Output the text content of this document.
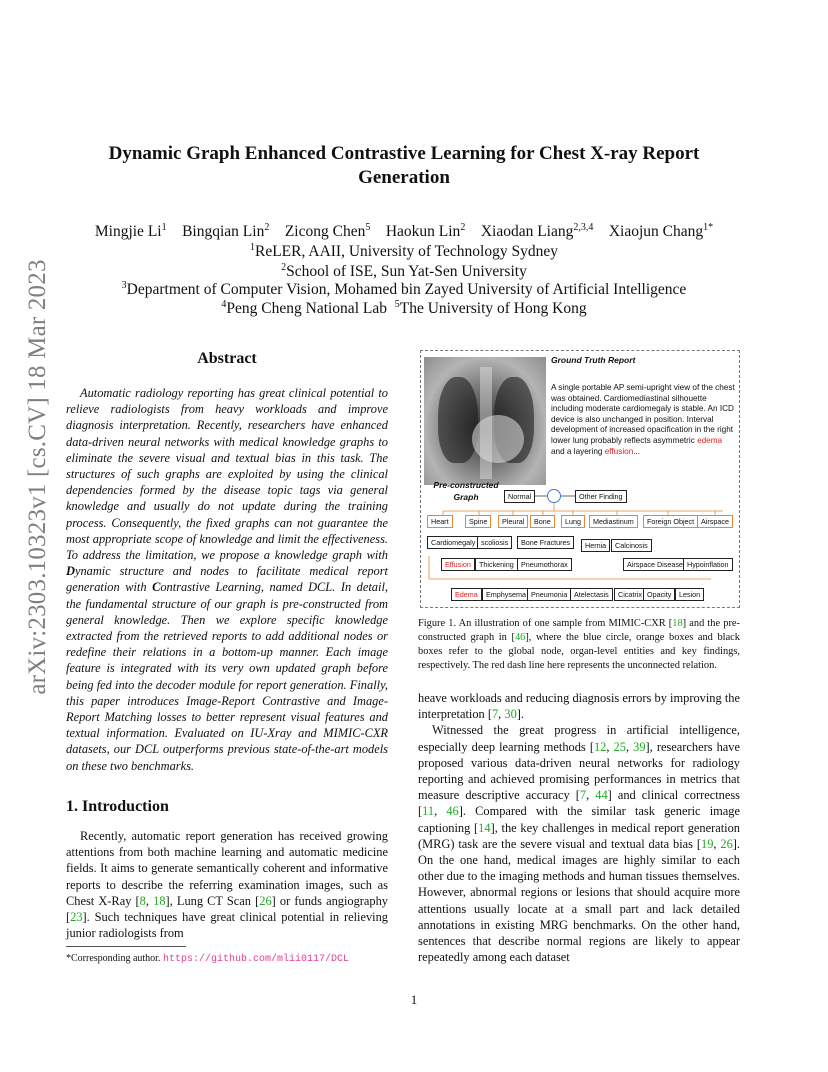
arXiv:2303.10323v1 [cs.CV] 18 Mar 2023
Dynamic Graph Enhanced Contrastive Learning for Chest X-ray Report Generation
Mingjie Li$^1$ Bingqian Lin$^2$ Zicong Chen$^5$ Haokun Lin$^2$ Xiaodan Liang$^{2,3,4}$ Xiaojun Chang$^{1*}$
$^1$ReLER, AAII, University of Technology Sydney
$^2$School of ISE, Sun Yat-Sen University
$^3$Department of Computer Vision, Mohamed bin Zayed University of Artificial Intelligence
$^4$Peng Cheng National Lab $^5$The University of Hong Kong
Abstract
Automatic radiology reporting has great clinical potential to relieve radiologists from heavy workloads and improve diagnosis interpretation. Recently, researchers have enhanced data-driven neural networks with medical knowledge graphs to eliminate the severe visual and textual bias in this task. The structures of such graphs are exploited by using the clinical dependencies formed by the disease topic tags via general knowledge and usually do not update during the training process. Consequently, the fixed graphs can not guarantee the most appropriate scope of knowledge and limit the effectiveness. To address the limitation, we propose a knowledge graph with Dynamic structure and nodes to facilitate medical report generation with Contrastive Learning, named DCL. In detail, the fundamental structure of our graph is pre-constructed from general knowledge. Then we explore specific knowledge extracted from the retrieved reports to add additional nodes or redefine their relations in a bottom-up manner. Each image feature is integrated with its very own updated graph before being fed into the decoder module for report generation. Finally, this paper introduces Image-Report Contrastive and Image-Report Matching losses to better represent visual features and textual information. Evaluated on IU-Xray and MIMIC-CXR datasets, our DCL outperforms previous state-of-the-art models on these two benchmarks.
1. Introduction
Recently, automatic report generation has received growing attentions from both machine learning and automatic medicine fields. It aims to generate semantically coherent and informative reports to describe the referring examination images, such as Chest X-Ray [8, 18], Lung CT Scan [26] or funds angiography [23]. Such techniques have great clinical potential in relieving junior radiologists from
*Corresponding author. https://github.com/mlii0117/DCL
Ground Truth Report
A single portable AP semi-upright view of the chest was obtained. Cardiomediastinal silhouette including moderate cardiomegaly is stable. An ICD device is also unchanged in position. Interval development of increased opacification in the right lower lung probably reflects asymmetric edema and a layering effusion...
Pre-constructed
Graph	Normal	Other Finding
Heart	Spine	Pleural	Bone	Lung	Mediastinum	Foreign Object Airspace
Cardiomegaly scoliosis	Bone Fractures	Hernia	Calcinosis
Effusion	Thickening	Pneumothorax	Airspace Disease Hypoinflation
Edema	Emphysema Pneumonia Atelectasis	Cicatrix Opacity	Lesion
Figure 1. An illustration of one sample from MIMIC-CXR [18] and the pre-constructed graph in [46], where the blue circle, orange boxes and black boxes refer to the global node, organ-level entities and key findings, respectively. The red dash line here represents the unconnected relation.
heave workloads and reducing diagnosis errors by improving the interpretation [7, 30].
Witnessed the great progress in artificial intelligence, especially deep learning methods [12, 25, 39], researchers have proposed various data-driven neural networks for radiology reporting and achieved promising performances in metrics that measure descriptive accuracy [7, 44] and clinical correctness [11, 46]. Compared with the similar task generic image captioning [14], the key challenges in medical report generation (MRG) task are the severe visual and textual data bias [19, 26]. On the one hand, medical images are highly similar to each other due to the imaging methods and human tissues themselves. However, abnormal regions or lesions that should acquire more attentions usually locate at a small part and lack detailed annotations in existing MRG benchmarks. On the other hand, sentences that describe normal regions are likely to appear repeatedly among each dataset
1
